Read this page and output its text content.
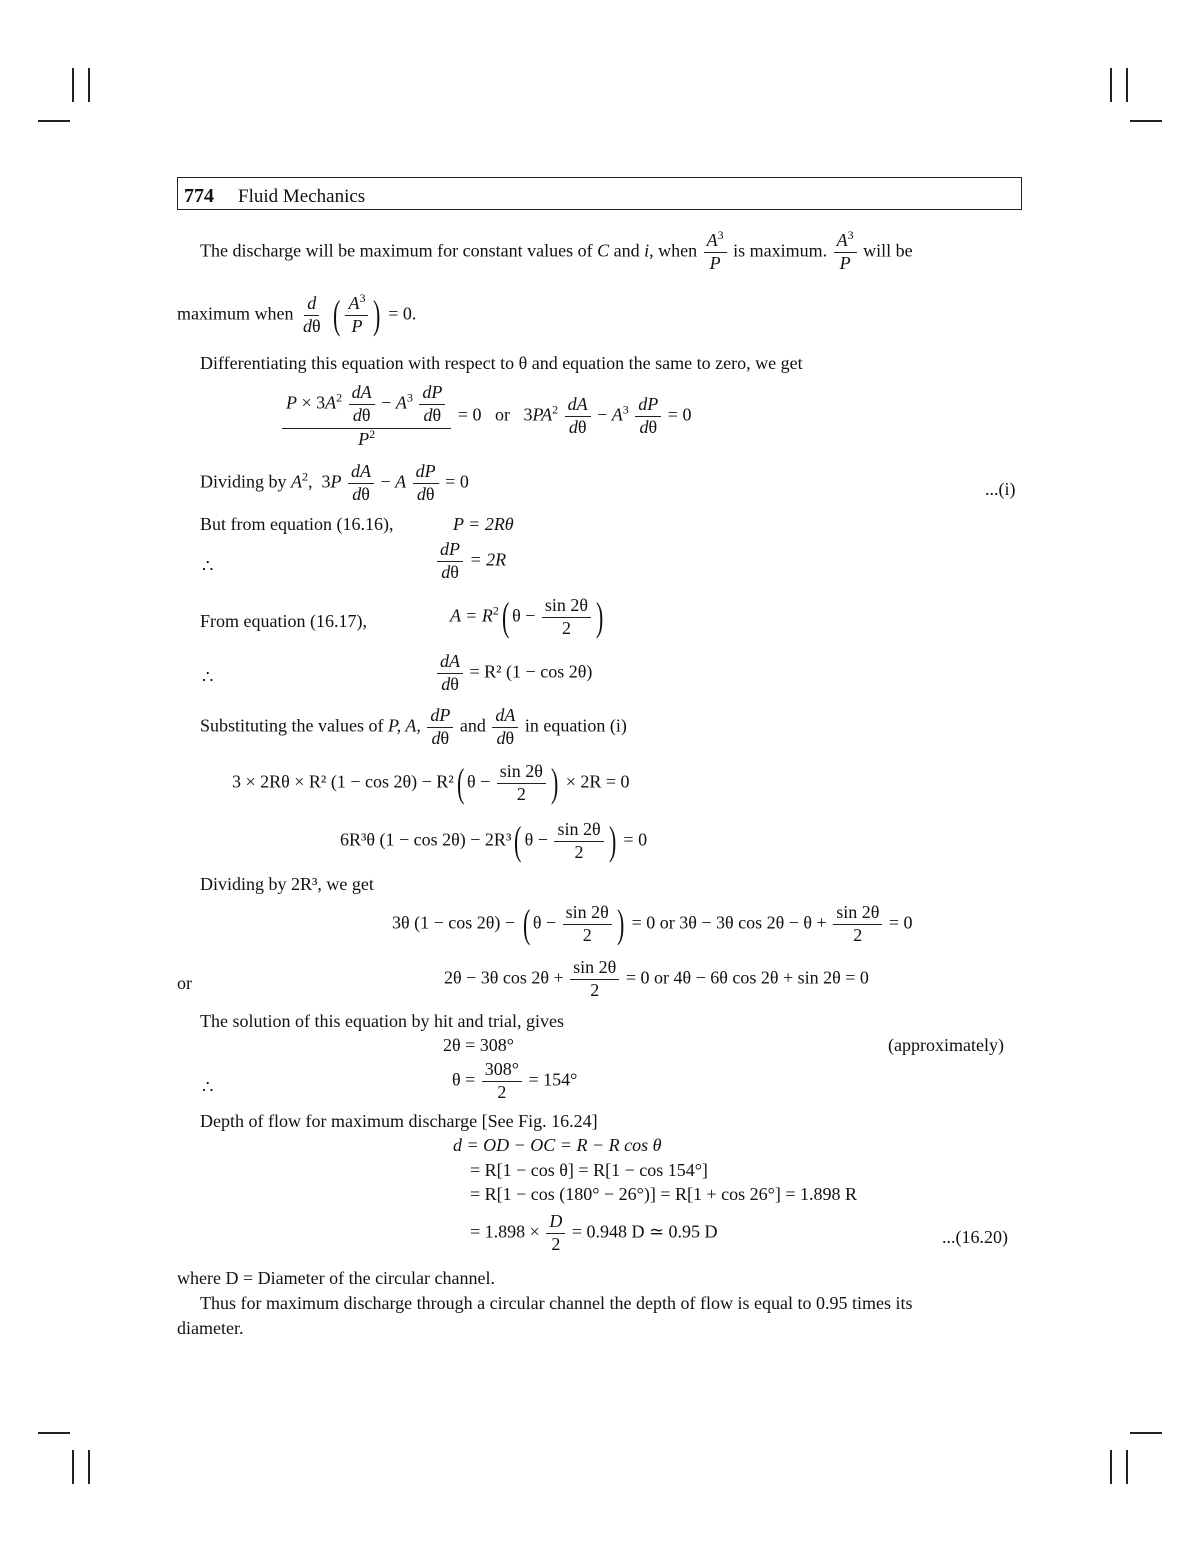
774 Fluid Mechanics
The discharge will be maximum for constant values of C and i, when $\frac{A^3}{P}$ is maximum. $\frac{A^3}{P}$ will be
maximum when $\frac{d}{d\theta}$ ( $\frac{A^3}{P}$ ) = 0.
Differentiating this equation with respect to θ and equation the same to zero, we get
$\frac{P \times 3A^2 \frac{dA}{d\theta} - A^3 \frac{dP}{d\theta}}{P^2} = 0$ or   $3PA^2 \frac{dA}{d\theta} - A^3 \frac{dP}{d\theta} = 0$
Dividing by $A^2$,  $3P \frac{dA}{d\theta} - A \frac{dP}{d\theta} = 0$	...(i)
But from equation (16.16),	P = 2Rθ
∴	$\frac{dP}{d\theta} = 2R$
From equation (16.17),	$A = R^2$( $\theta - \frac{\sin 2\theta}{2}$ )
∴	$\frac{dA}{d\theta} = R^2$ (1 − cos 2θ)
Substituting the values of P, A, $\frac{dP}{d\theta}$ and $\frac{dA}{d\theta}$ in equation (i)
3 × 2Rθ × R² (1 − cos 2θ) − R²( $\theta - \frac{\sin 2\theta}{2}$ ) × 2R = 0
6R³θ (1 − cos 2θ) − 2R³( $\theta - \frac{\sin 2\theta}{2}$ ) = 0
Dividing by 2R³, we get
3θ (1 − cos 2θ) − ( $\theta - \frac{\sin 2\theta}{2}$ ) = 0 or 3θ − 3θ $\cos 2\theta - \theta + \frac{\sin 2\theta}{2} = 0$
or	2θ − 3θ $\cos 2\theta + \frac{\sin 2\theta}{2} = 0$ or 4θ − 6θ cos 2θ + sin 2θ = 0
The solution of this equation by hit and trial, gives
2θ = 308°	(approximately)
∴	$\theta = \frac{308^\circ}{2} = 154^\circ$
Depth of flow for maximum discharge [See Fig. 16.24]
d = OD − OC = R − R cos θ
= R[1 − cos θ] = R[1 − cos 154°]
= R[1 − cos (180° − 26°)] = R[1 + cos 26°] = 1.898 R
= $1.898 \times \frac{D}{2} = 0.948$ D ≃ 0.95 D	...(16.20)
where D = Diameter of the circular channel.
Thus for maximum discharge through a circular channel the depth of flow is equal to 0.95 times its
diameter.
